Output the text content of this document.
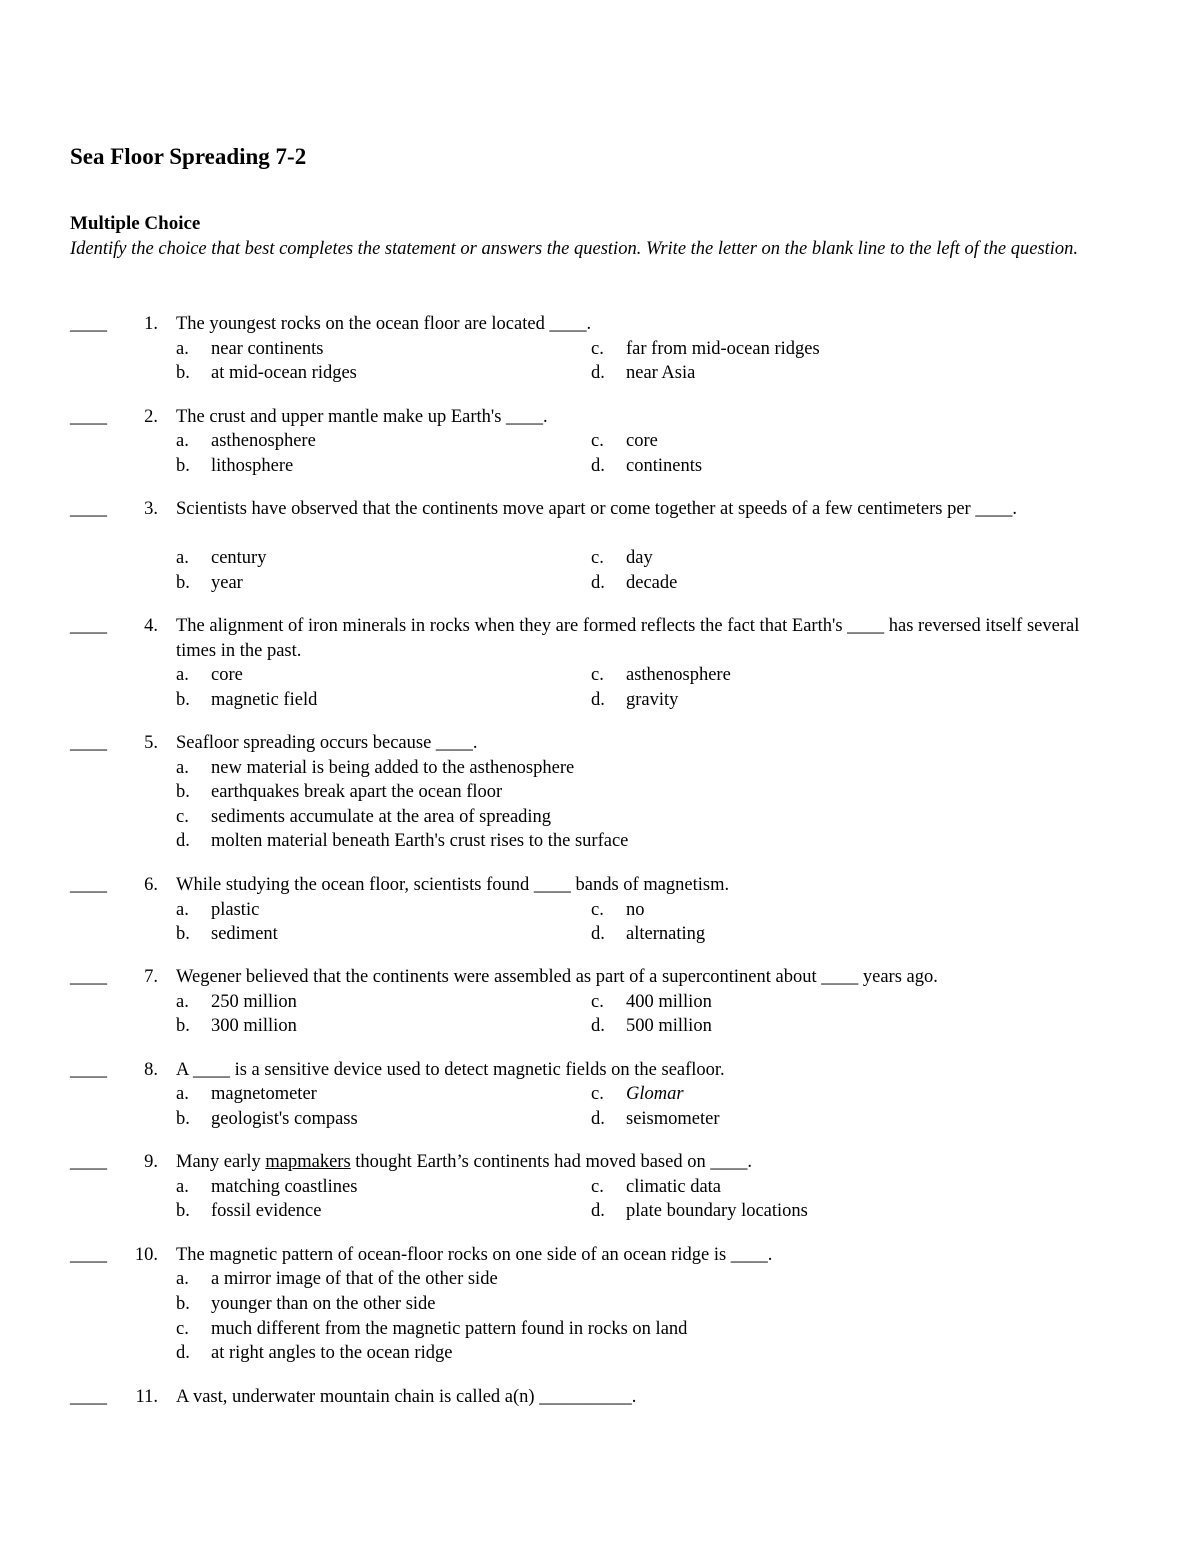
Sea Floor Spreading 7-2
Multiple Choice
Identify the choice that best completes the statement or answers the question. Write the letter on the blank line to the left of the question.
____	1. The youngest rocks on the ocean floor are located ____.
a. near continents
b. at mid-ocean ridges
c. far from mid-ocean ridges
d. near Asia
____	2. The crust and upper mantle make up Earth's ____.
a. asthenosphere
b. lithosphere
c. core
d. continents
____	3. Scientists have observed that the continents move apart or come together at speeds of a few centimeters per ____.
a. century
b. year
c. day
d. decade
____	4. The alignment of iron minerals in rocks when they are formed reflects the fact that Earth's ____ has reversed itself several times in the past.
a. core
b. magnetic field
c. asthenosphere
d. gravity
____	5. Seafloor spreading occurs because ____.
a. new material is being added to the asthenosphere
b. earthquakes break apart the ocean floor
c. sediments accumulate at the area of spreading
d. molten material beneath Earth's crust rises to the surface
____	6. While studying the ocean floor, scientists found ____ bands of magnetism.
a. plastic
b. sediment
c. no
d. alternating
____	7. Wegener believed that the continents were assembled as part of a supercontinent about ____ years ago.
a. 250 million
b. 300 million
c. 400 million
d. 500 million
____	8. A ____ is a sensitive device used to detect magnetic fields on the seafloor.
a. magnetometer
b. geologist's compass
c. Glomar
d. seismometer
____	9. Many early mapmakers thought Earth’s continents had moved based on ____.
a. matching coastlines
b. fossil evidence
c. climatic data
d. plate boundary locations
____	10. The magnetic pattern of ocean-floor rocks on one side of an ocean ridge is ____.
a. a mirror image of that of the other side
b. younger than on the other side
c. much different from the magnetic pattern found in rocks on land
d. at right angles to the ocean ridge
____	11. A vast, underwater mountain chain is called a(n) __________.
